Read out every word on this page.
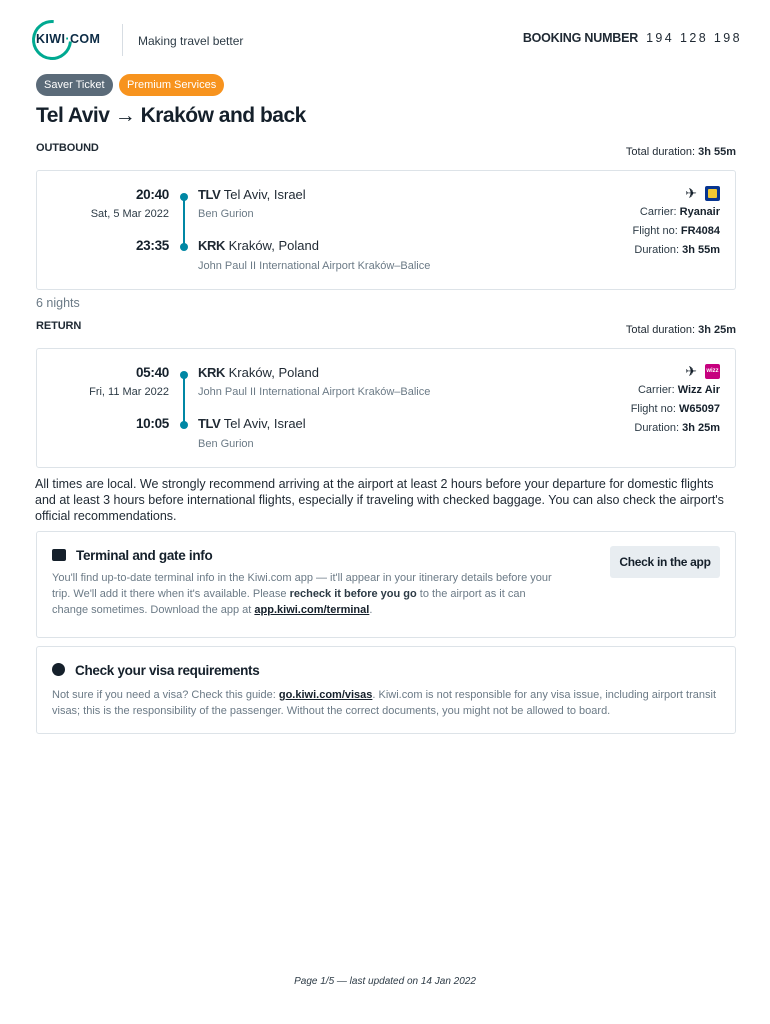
KIWI·COM	Making travel better	BOOKING NUMBER 194 128 198
Saver Ticket Premium Services
Tel Aviv → Kraków and back
OUTBOUND	Total duration: 3h 55m
20:40
Sat, 5 Mar 2022
23:35
TLV Tel Aviv, Israel
Ben Gurion
KRK Kraków, Poland
John Paul II International Airport Kraków–Balice
✈
Carrier: Ryanair
Flight no: FR4084
Duration: 3h 55m
6 nights
RETURN	Total duration: 3h 25m
05:40
Fri, 11 Mar 2022
10:05
KRK Kraków, Poland
John Paul II International Airport Kraków–Balice
TLV Tel Aviv, Israel
Ben Gurion
✈ wizz
Carrier: Wizz Air
Flight no: W65097
Duration: 3h 25m
All times are local. We strongly recommend arriving at the airport at least 2 hours before your departure for domestic flights and at least 3 hours before international flights, especially if traveling with checked baggage. You can also check the airport's official recommendations.
Terminal and gate info
You'll find up-to-date terminal info in the Kiwi.com app — it'll appear in your itinerary details before your trip. We'll add it there when it's available. Please recheck it before you go to the airport as it can change sometimes. Download the app at app.kiwi.com/terminal.
Check in the app
Check your visa requirements
Not sure if you need a visa? Check this guide: go.kiwi.com/visas. Kiwi.com is not responsible for any visa issue, including airport transit visas; this is the responsibility of the passenger. Without the correct documents, you might not be allowed to board.
Page 1/5 — last updated on 14 Jan 2022
